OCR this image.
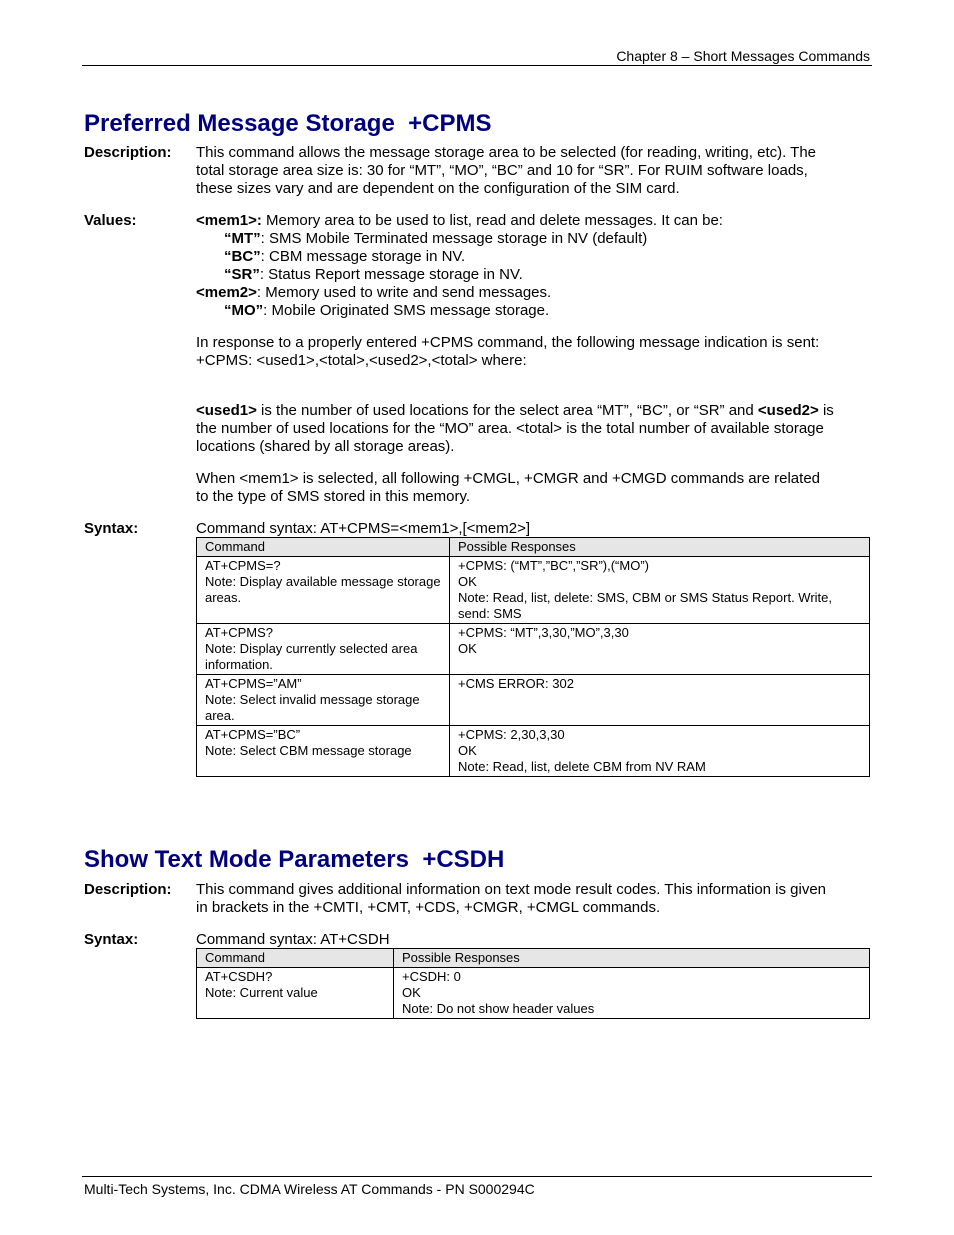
Chapter 8 – Short Messages Commands
Preferred Message Storage  +CPMS
Description: This command allows the message storage area to be selected (for reading, writing, etc). The total storage area size is: 30 for “MT”, “MO”, “BC” and 10 for “SR”. For RUIM software loads, these sizes vary and are dependent on the configuration of the SIM card.

Values:	<mem1>: Memory area to be used to list, read and delete messages. It can be:

“MT”: SMS Mobile Terminated message storage in NV (default)

“BC”: CBM message storage in NV.

“SR”: Status Report message storage in NV.

<mem2>: Memory used to write and send messages.

“MO”: Mobile Originated SMS message storage.

In response to a properly entered +CPMS command, the following message indication is sent:

+CPMS: <used1>,<total>,<used2>,<total> where:

<used1> is the number of used locations for the select area “MT”, “BC”, or “SR” and <used2> is the number of used locations for the “MO” area. <total> is the total number of available storage locations (shared by all storage areas).

When <mem1> is selected, all following +CMGL, +CMGR and +CMGD commands are related to the type of SMS stored in this memory.

Syntax:	Command syntax: AT+CPMS=<mem1>,[<mem2>]
Command	Possible Responses

AT+CPMS=?
Note: Display available message storage areas.	+CPMS: (“MT”,”BC”,”SR”),(“MO”)
OK
Note: Read, list, delete: SMS, CBM or SMS Status Report. Write, send: SMS

AT+CPMS?
Note: Display currently selected area information.	+CPMS: “MT”,3,30,”MO”,3,30
OK

AT+CPMS=”AM”
Note: Select invalid message storage area.	+CMS ERROR: 302

AT+CPMS=”BC”
Note: Select CBM message storage	+CPMS: 2,30,3,30
OK
Note: Read, list, delete CBM from NV RAM
Show Text Mode Parameters  +CSDH
Description: This command gives additional information on text mode result codes. This information is given in brackets in the +CMTI, +CMT, +CDS, +CMGR, +CMGL commands.

Syntax:	Command syntax: AT+CSDH
Command	Possible Responses

AT+CSDH?
Note: Current value	+CSDH: 0
OK
Note: Do not show header values
Multi-Tech Systems, Inc. CDMA Wireless AT Commands - PN S000294C
